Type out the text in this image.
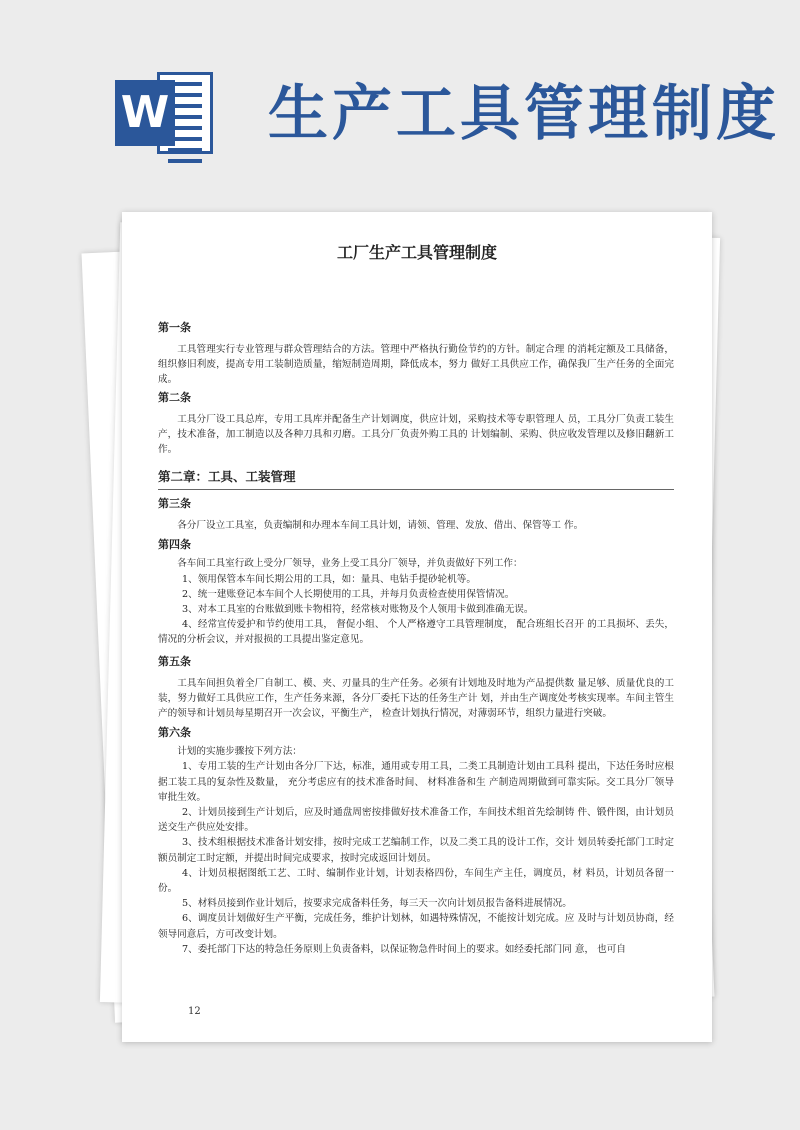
W 生产工具管理制度
工厂生产工具管理制度
第一条

工具管理实行专业管理与群众管理结合的方法。管理中严格执行勤俭节约的方针。制定合理 的消耗定额及工具储备，组织修旧利废，提高专用工装制造质量，缩短制造周期，降低成本，努力 做好工具供应工作，确保我厂生产任务的全面完成。

第二条

工具分厂设工具总库，专用工具库并配备生产计划调度，供应计划，采购技术等专职管理人 员，工具分厂负责工装生产，技术准备，加工制造以及各种刀具和刃磨。工具分厂负责外购工具的 计划编制、采购、供应收发管理以及修旧翻新工作。

第二章：工具、工装管理
第三条

各分厂设立工具室，负责编制和办理本车间工具计划，请领、管理、发放、借出、保管等工 作。

第四条

各车间工具室行政上受分厂领导，业务上受工具分厂领导，并负责做好下列工作：

1、领用保管本车间长期公用的工具，如：量具、电钻手提砂轮机等。

2、统一建账登记本车间个人长期使用的工具，并每月负责检查使用保管情况。

3、对本工具室的台账做到账卡物相符，经常核对账物及个人领用卡做到准确无误。

4、经常宣传爱护和节约使用工具， 督促小组、 个人严格遵守工具管理制度， 配合班组长召开 的工具损坏、丢失，情况的分析会议，并对报损的工具提出鉴定意见。

第五条

工具车间担负着全厂自制工、模、夹、刃量具的生产任务。必须有计划地及时地为产品提供数 量足够、质量优良的工装，努力做好工具供应工作，生产任务来源，各分厂委托下达的任务生产计 划，并由生产调度处考核实现率。车间主管生产的领导和计划员每星期召开一次会议，平衡生产， 检查计划执行情况，对薄弱环节，组织力量进行突破。

第六条

计划的实施步骤按下列方法：

1、专用工装的生产计划由各分厂下达，标准，通用或专用工具，二类工具制造计划由工具科 提出，下达任务时应根据工装工具的复杂性及数量， 充分考虑应有的技术准备时间、 材料准备和生 产制造周期做到可靠实际。交工具分厂领导审批生效。

2、计划员接到生产计划后，应及时通盘周密按排做好技术准备工作，车间技术组首先绘制铸 件、锻件图，由计划员送交生产供应处安排。

3、技术组根据技术准备计划安排，按时完成工艺编制工作，以及二类工具的设计工作，交计 划员转委托部门工时定额员制定工时定额，并提出时间完成要求，按时完成返回计划员。

4、计划员根据图纸工艺、工时、编制作业计划，计划表格四份，车间生产主任，调度员，材 料员，计划员各留一份。

5、材料员接到作业计划后，按要求完成备料任务，每三天一次向计划员报告备料进展情况。

6、调度员计划做好生产平衡，完成任务，维护计划林，如遇特殊情况，不能按计划完成。应 及时与计划员协商，经领导同意后，方可改变计划。

7、委托部门下达的特急任务原则上负责备料，以保证物急件时间上的要求。如经委托部门同 意， 也可自

12
